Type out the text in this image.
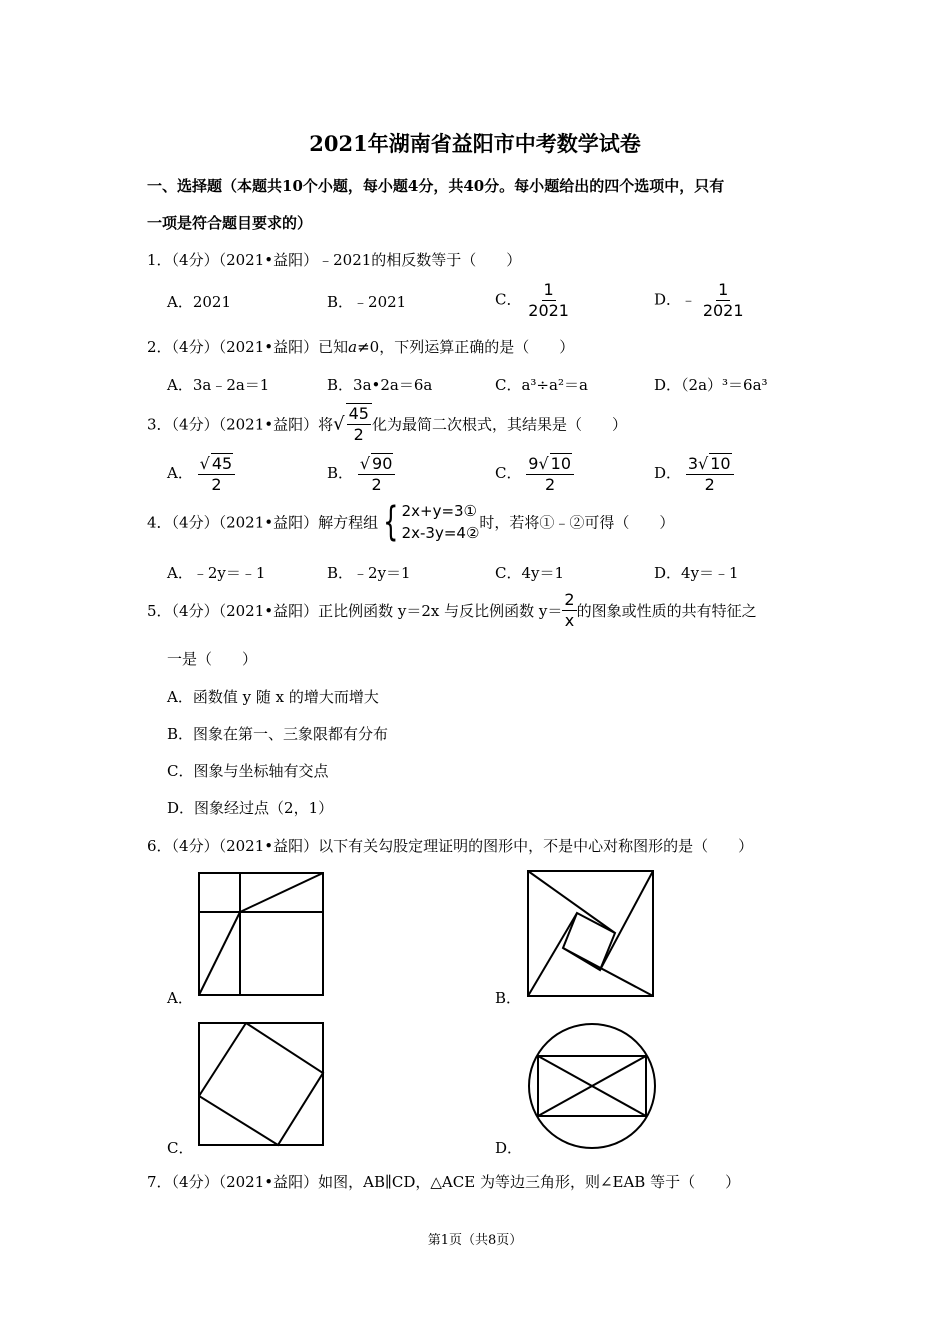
2021年湖南省益阳市中考数学试卷
一、选择题（本题共10个小题，每小题4分，共40分。每小题给出的四个选项中，只有
一项是符合题目要求的）
1．（4分）（2021•益阳）﹣2021的相反数等于（　　）
A．2021	B．﹣2021	C． $\frac{1}{2021}$	D．﹣ $\frac{1}{2021}$
2．（4分）（2021•益阳）已知a≠0，下列运算正确的是（　　）
A．3a﹣2a＝1	B．3a•2a＝6a	C．a³÷a²＝a	D．（2a）³＝6a³
3．（4分）（2021•益阳）将√ $\frac{45}{2}$ 化为最简二次根式，其结果是（　　）
A． $\frac{√ 45}{2}$	B． $\frac{√ 90}{2}$	C． $\frac{9√ 10}{2}$	D． $\frac{3√ 10}{2}$
4．（4分）（2021•益阳）解方程组 { 2x+y=3①
2x-3y=4②
时，若将①﹣②可得（　　）
A．﹣2y＝﹣1	B．﹣2y＝1	C．4y＝1	D．4y＝﹣1
5．（4分）（2021•益阳）正比例函数 y＝2x 与反比例函数 $y= \frac{2}{x}$ 的图象或性质的共有特征之
一是（　　）
A．函数值 y 随 x 的增大而增大
B．图象在第一、三象限都有分布
C．图象与坐标轴有交点
D．图象经过点（2，1）
6．（4分）（2021•益阳）以下有关勾股定理证明的图形中，不是中心对称图形的是（　　）
A．	B．
C．	D．
7．（4分）（2021•益阳）如图，AB∥CD，△ACE 为等边三角形，则∠EAB 等于（　　）
第1页（共8页）
